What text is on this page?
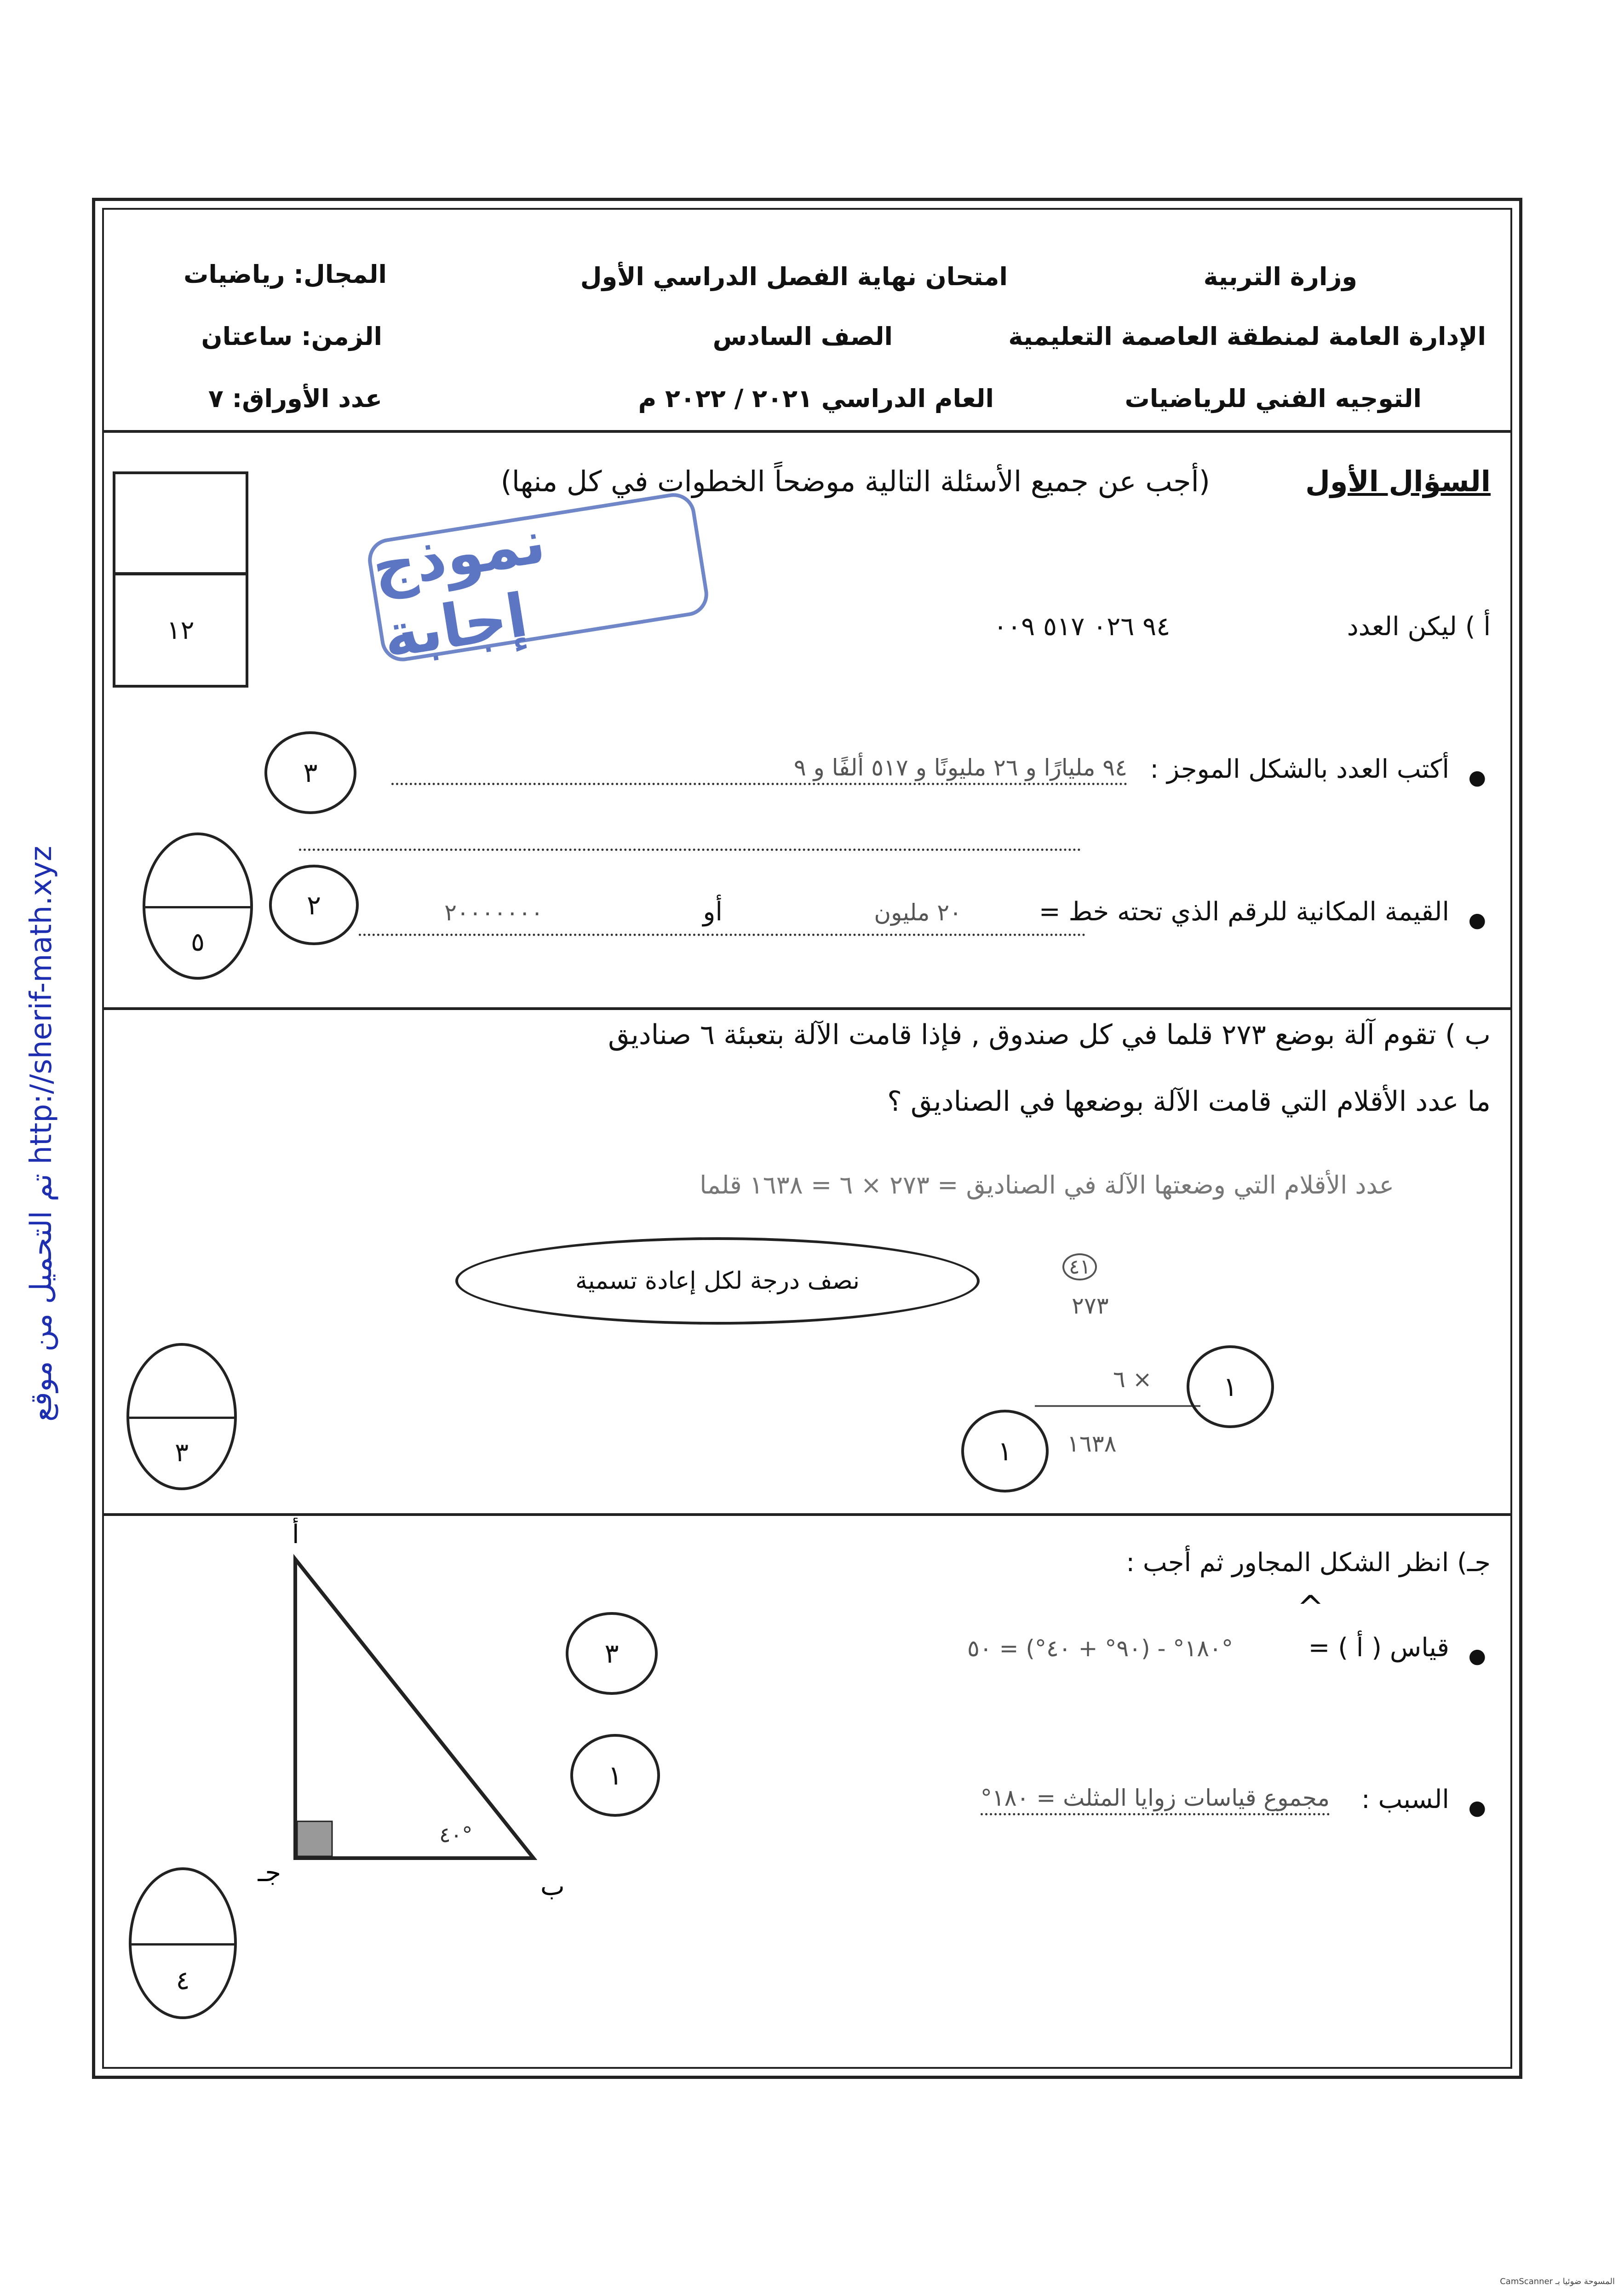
وزارة التربية
الإدارة العامة لمنطقة العاصمة التعليمية
التوجيه الفني للرياضيات
امتحان نهاية الفصل الدراسي الأول
الصف السادس
العام الدراسي ٢٠٢١ / ٢٠٢٢ م
المجال: رياضيات
الزمن: ساعتان
عدد الأوراق: ٧
تم التحميل من موقع http://sherif-math.xyz
السؤال الأول
(أجب عن جميع الأسئلة التالية موضحاً الخطوات في كل منها)
١٢
نموذج إجابة	أ ) ليكن العدد
٩٤ ٠٢٦ ٥١٧ ٠٠٩
●
أكتب العدد بالشكل الموجز :
٩٤ مليارًا و ٢٦ مليونًا و ٥١٧ ألفًا و ٩
٣
●
القيمة المكانية للرقم الذي تحته خط =
٢٠ مليون
أو
٢٠٠٠٠٠٠٠
٢
٥
ب ) تقوم آلة بوضع ٢٧٣ قلما في كل صندوق , فإذا قامت الآلة بتعبئة ٦ صناديق
ما عدد الأقلام التي قامت الآلة بوضعها في الصناديق ؟
عدد الأقلام التي وضعتها الآلة في الصناديق = ٢٧٣ × ٦ = ١٦٣٨ قلما
نصف درجة لكل إعادة تسمية
٤١
٢٧٣
٦ ×
١٦٣٨
١
١
٣
جـ) انظر الشكل المجاور ثم أجب :
^
●
قياس ( أ ) =
١٨٠° - (٩٠° + ٤٠°) = ٥٠°
٣
●
السبب :
مجموع قياسات زوايا المثلث = ١٨٠°
١
أ
ب
جـ
٤٠°
٤
CamScanner المسوحة ضوئيا بـ
